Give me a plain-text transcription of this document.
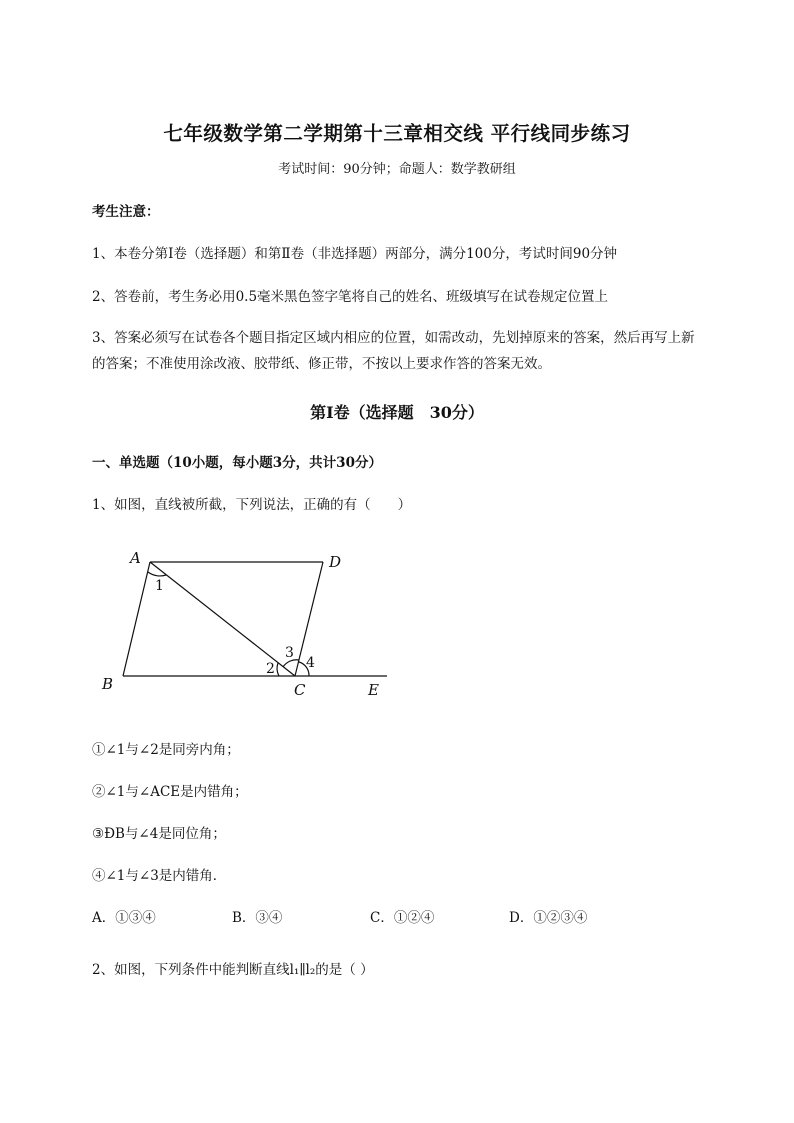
七年级数学第二学期第十三章相交线 平行线同步练习
考试时间：90分钟；命题人：数学教研组
考生注意：
1、本卷分第I卷（选择题）和第Ⅱ卷（非选择题）两部分，满分100分，考试时间90分钟
2、答卷前，考生务必用0.5毫米黑色签字笔将自己的姓名、班级填写在试卷规定位置上
3、答案必须写在试卷各个题目指定区域内相应的位置，如需改动，先划掉原来的答案，然后再写上新
的答案；不准使用涂改液、胶带纸、修正带，不按以上要求作答的答案无效。
第I卷（选择题　30分）
一、单选题（10小题，每小题3分，共计30分）
1、如图，直线被所截，下列说法，正确的有（　　）
A	D
B	C	E
1
2
3
4
①∠1与∠2是同旁内角；
②∠1与∠ACE是内错角；
③ÐB与∠4是同位角；
④∠1与∠3是内错角．
A．①③④	B．③④	C．①②④	D．①②③④
2、如图，下列条件中能判断直线l₁∥l₂的是（ ）
